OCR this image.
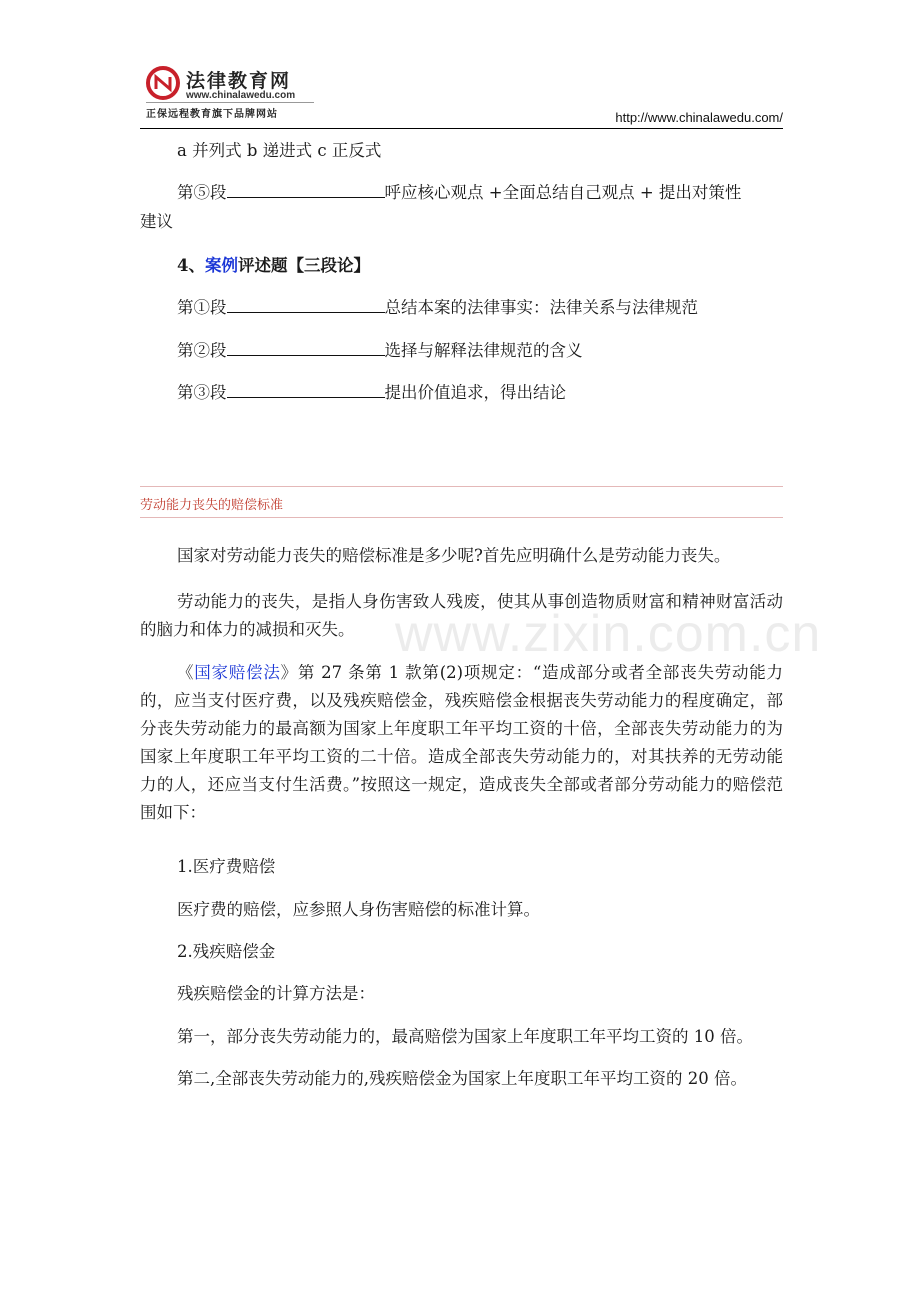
法律教育网
www.chinalawedu.com
正保远程教育旗下品牌网站	http://www.chinalawedu.com/
a 并列式 b 递进式 c 正反式
第⑤段	呼应核心观点 +全面总结自己观点 + 提出对策性
建议
4、案例评述题【三段论】
第①段	总结本案的法律事实：法律关系与法律规范
第②段	选择与解释法律规范的含义
第③段	提出价值追求，得出结论
劳动能力丧失的赔偿标准
国家对劳动能力丧失的赔偿标准是多少呢?首先应明确什么是劳动能力丧失。
劳动能力的丧失，是指人身伤害致人残废，使其从事创造物质财富和精神财富活动的脑力和体力的减损和灭失。 www.zixin.com.cn
《国家赔偿法》第 27 条第 1 款第(2)项规定：“造成部分或者全部丧失劳动能力的，应当支付医疗费，以及残疾赔偿金，残疾赔偿金根据丧失劳动能力的程度确定，部分丧失劳动能力的最高额为国家上年度职工年平均工资的十倍，全部丧失劳动能力的为国家上年度职工年平均工资的二十倍。造成全部丧失劳动能力的，对其扶养的无劳动能力的人，还应当支付生活费。”按照这一规定，造成丧失全部或者部分劳动能力的赔偿范围如下：
1.医疗费赔偿
医疗费的赔偿，应参照人身伤害赔偿的标准计算。
2.残疾赔偿金
残疾赔偿金的计算方法是：
第一，部分丧失劳动能力的，最高赔偿为国家上年度职工年平均工资的 10 倍。
第二,全部丧失劳动能力的,残疾赔偿金为国家上年度职工年平均工资的 20 倍。
